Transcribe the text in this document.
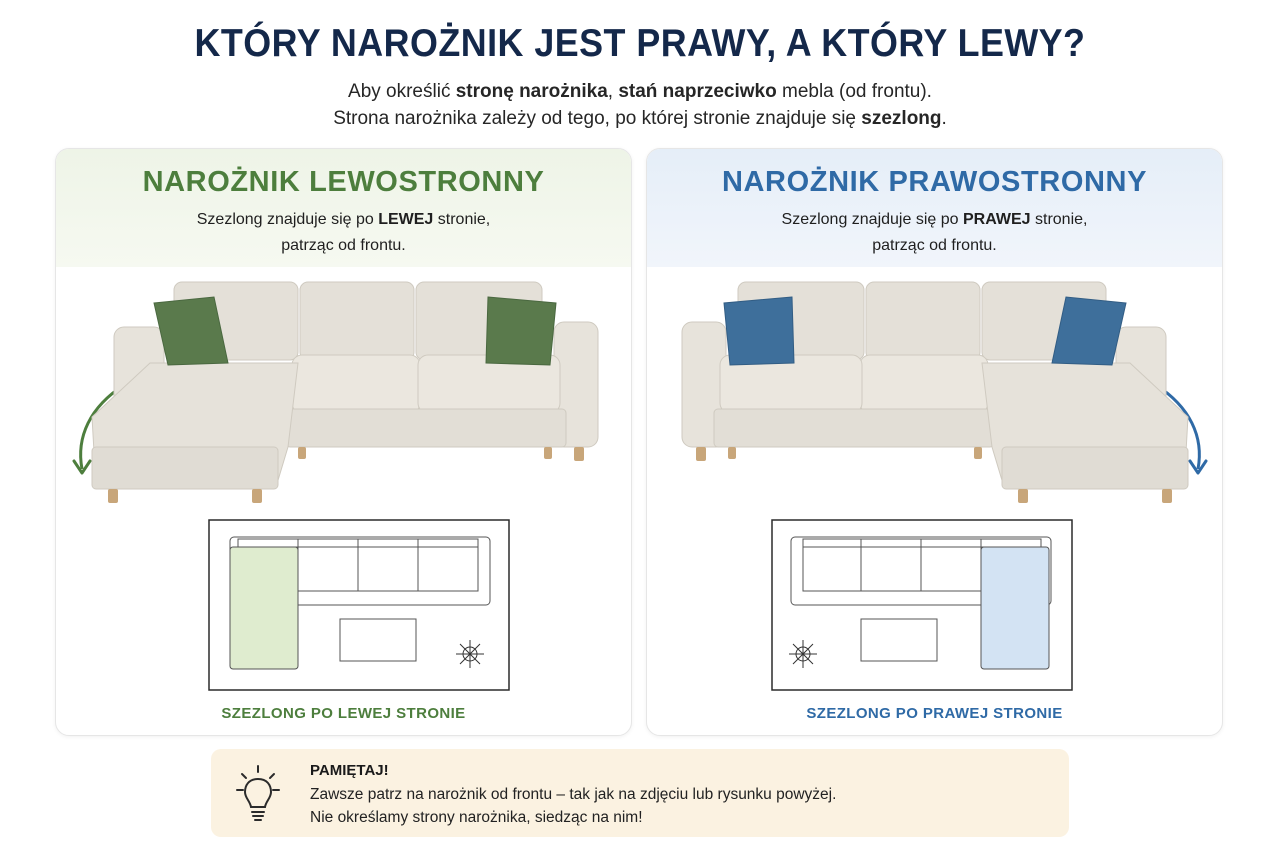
KTÓRY NAROŻNIK JEST PRAWY, A KTÓRY LEWY?
Aby określić stronę narożnika, stań naprzeciwko mebla (od frontu).
Strona narożnika zależy od tego, po której stronie znajduje się szezlong.
NAROŻNIK LEWOSTRONNY
Szezlong znajduje się po LEWEJ stronie,
patrząc od frontu.
SZEZLONG PO LEWEJ STRONIE
NAROŻNIK PRAWOSTRONNY
Szezlong znajduje się po PRAWEJ stronie,
patrząc od frontu.
SZEZLONG PO PRAWEJ STRONIE
PAMIĘTAJ!
Zawsze patrz na narożnik od frontu – tak jak na zdjęciu lub rysunku powyżej.
Nie określamy strony narożnika, siedząc na nim!
